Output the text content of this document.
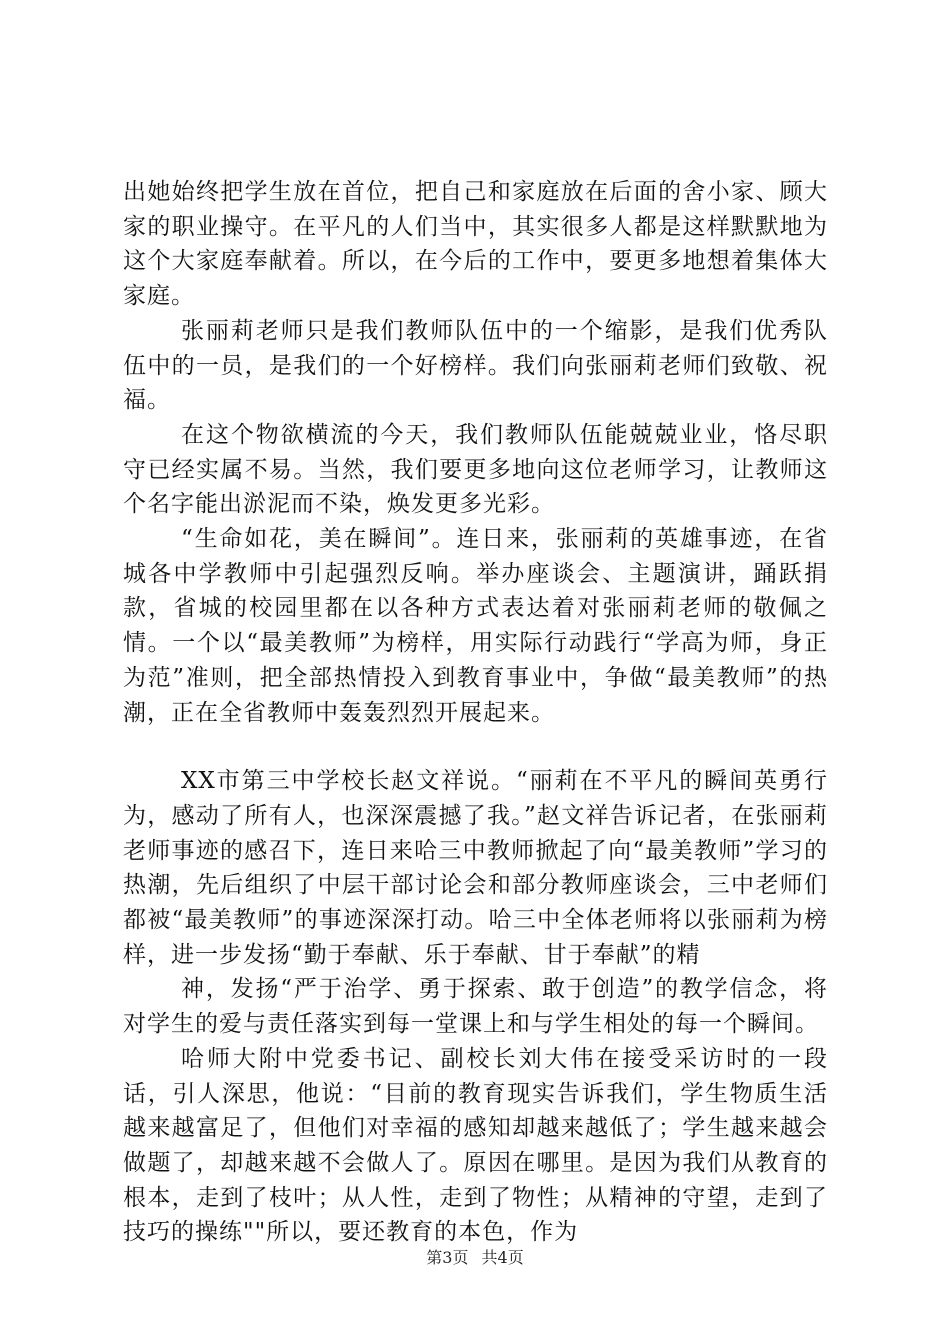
出她始终把学生放在首位，把自己和家庭放在后面的舍小家、顾大家的职业操守。在平凡的人们当中，其实很多人都是这样默默地为这个大家庭奉献着。所以，在今后的工作中，要更多地想着集体大家庭。

张丽莉老师只是我们教师队伍中的一个缩影，是我们优秀队伍中的一员，是我们的一个好榜样。我们向张丽莉老师们致敬、祝福。

在这个物欲横流的今天，我们教师队伍能兢兢业业，恪尽职守已经实属不易。当然，我们要更多地向这位老师学习，让教师这个名字能出淤泥而不染，焕发更多光彩。

“生命如花，美在瞬间”。连日来，张丽莉的英雄事迹，在省城各中学教师中引起强烈反响。举办座谈会、主题演讲，踊跃捐款，省城的校园里都在以各种方式表达着对张丽莉老师的敬佩之情。一个以“最美教师”为榜样，用实际行动践行“学高为师，身正为范”准则，把全部热情投入到教育事业中，争做“最美教师”的热潮，正在全省教师中轰轰烈烈开展起来。

XX市第三中学校长赵文祥说。“丽莉在不平凡的瞬间英勇行为，感动了所有人，也深深震撼了我。”赵文祥告诉记者，在张丽莉老师事迹的感召下，连日来哈三中教师掀起了向“最美教师”学习的热潮，先后组织了中层干部讨论会和部分教师座谈会，三中老师们都被“最美教师”的事迹深深打动。哈三中全体老师将以张丽莉为榜样，进一步发扬“勤于奉献、乐于奉献、甘于奉献”的精

神，发扬“严于治学、勇于探索、敢于创造”的教学信念，将对学生的爱与责任落实到每一堂课上和与学生相处的每一个瞬间。

哈师大附中党委书记、副校长刘大伟在接受采访时的一段话，引人深思，他说：“目前的教育现实告诉我们，学生物质生活越来越富足了，但他们对幸福的感知却越来越低了；学生越来越会做题了，却越来越不会做人了。原因在哪里。是因为我们从教育的根本，走到了枝叶；从人性，走到了物性；从精神的守望，走到了技巧的操练""所以，要还教育的本色，作为

第3页 共4页
